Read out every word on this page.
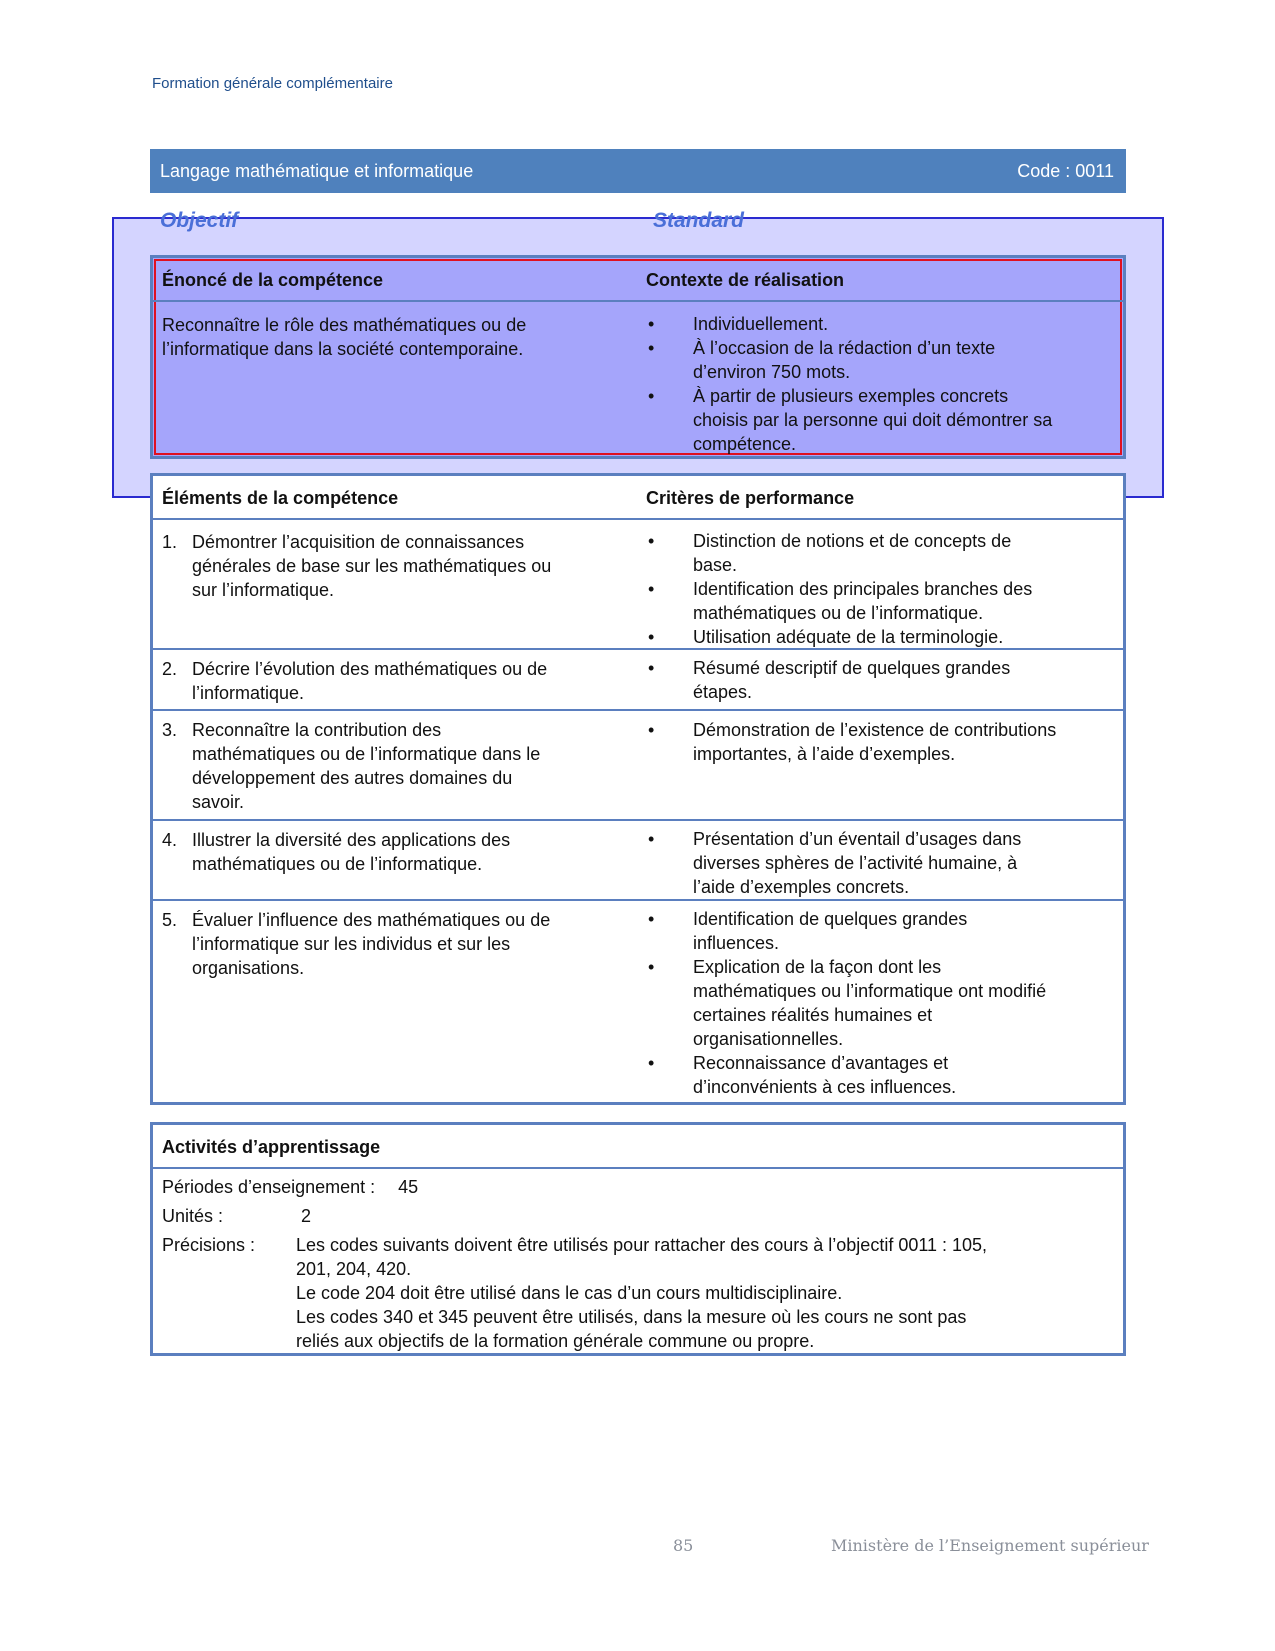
Formation générale complémentaire
Langage mathématique et informatique	Code : 0011
Objectif	Standard
Énoncé de la compétence	Contexte de réalisation
Reconnaître le rôle des mathématiques ou de
l’informatique dans la société contemporaine.
• Individuellement.
• À l’occasion de la rédaction d’un texte
d’environ 750 mots.
• À partir de plusieurs exemples concrets
choisis par la personne qui doit démontrer sa
compétence.
Éléments de la compétence	Critères de performance
1. Démontrer l’acquisition de connaissances
générales de base sur les mathématiques ou
sur l’informatique.
• Distinction de notions et de concepts de
base.
• Identification des principales branches des
mathématiques ou de l’informatique.
• Utilisation adéquate de la terminologie.
2. Décrire l’évolution des mathématiques ou de
l’informatique.
• Résumé descriptif de quelques grandes
étapes.
3. Reconnaître la contribution des
mathématiques ou de l’informatique dans le
développement des autres domaines du
savoir.
• Démonstration de l’existence de contributions
importantes, à l’aide d’exemples.
4. Illustrer la diversité des applications des
mathématiques ou de l’informatique.
• Présentation d’un éventail d’usages dans
diverses sphères de l’activité humaine, à
l’aide d’exemples concrets.
5. Évaluer l’influence des mathématiques ou de
l’informatique sur les individus et sur les
organisations.
• Identification de quelques grandes
influences.
• Explication de la façon dont les
mathématiques ou l’informatique ont modifié
certaines réalités humaines et
organisationnelles.
• Reconnaissance d’avantages et
d’inconvénients à ces influences.
Activités d’apprentissage
Périodes d’enseignement : 45
Unités :	2
Précisions : Les codes suivants doivent être utilisés pour rattacher des cours à l’objectif 0011 : 105,
201, 204, 420.
Le code 204 doit être utilisé dans le cas d’un cours multidisciplinaire.
Les codes 340 et 345 peuvent être utilisés, dans la mesure où les cours ne sont pas
reliés aux objectifs de la formation générale commune ou propre.
85	Ministère de l’Enseignement supérieur
